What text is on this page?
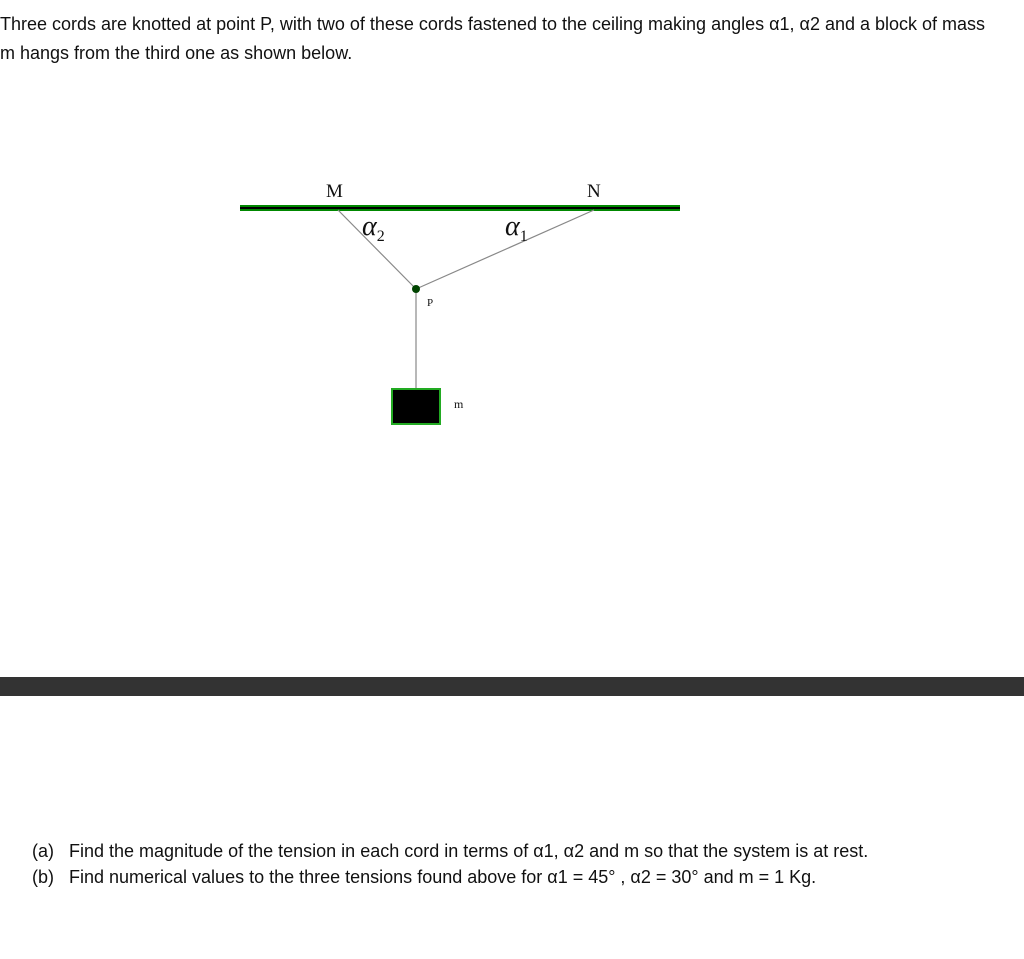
Three cords are knotted at point P, with two of these cords fastened to the ceiling making angles α1, α2 and a block of mass m hangs from the third one as shown below.

M	N
$\alpha_2$	$\alpha_1$
P
m
(a) Find the magnitude of the tension in each cord in terms of α1, α2 and m so that the system is at rest.
(b) Find numerical values to the three tensions found above for α1 = 45° , α2 = 30° and m = 1 Kg.
